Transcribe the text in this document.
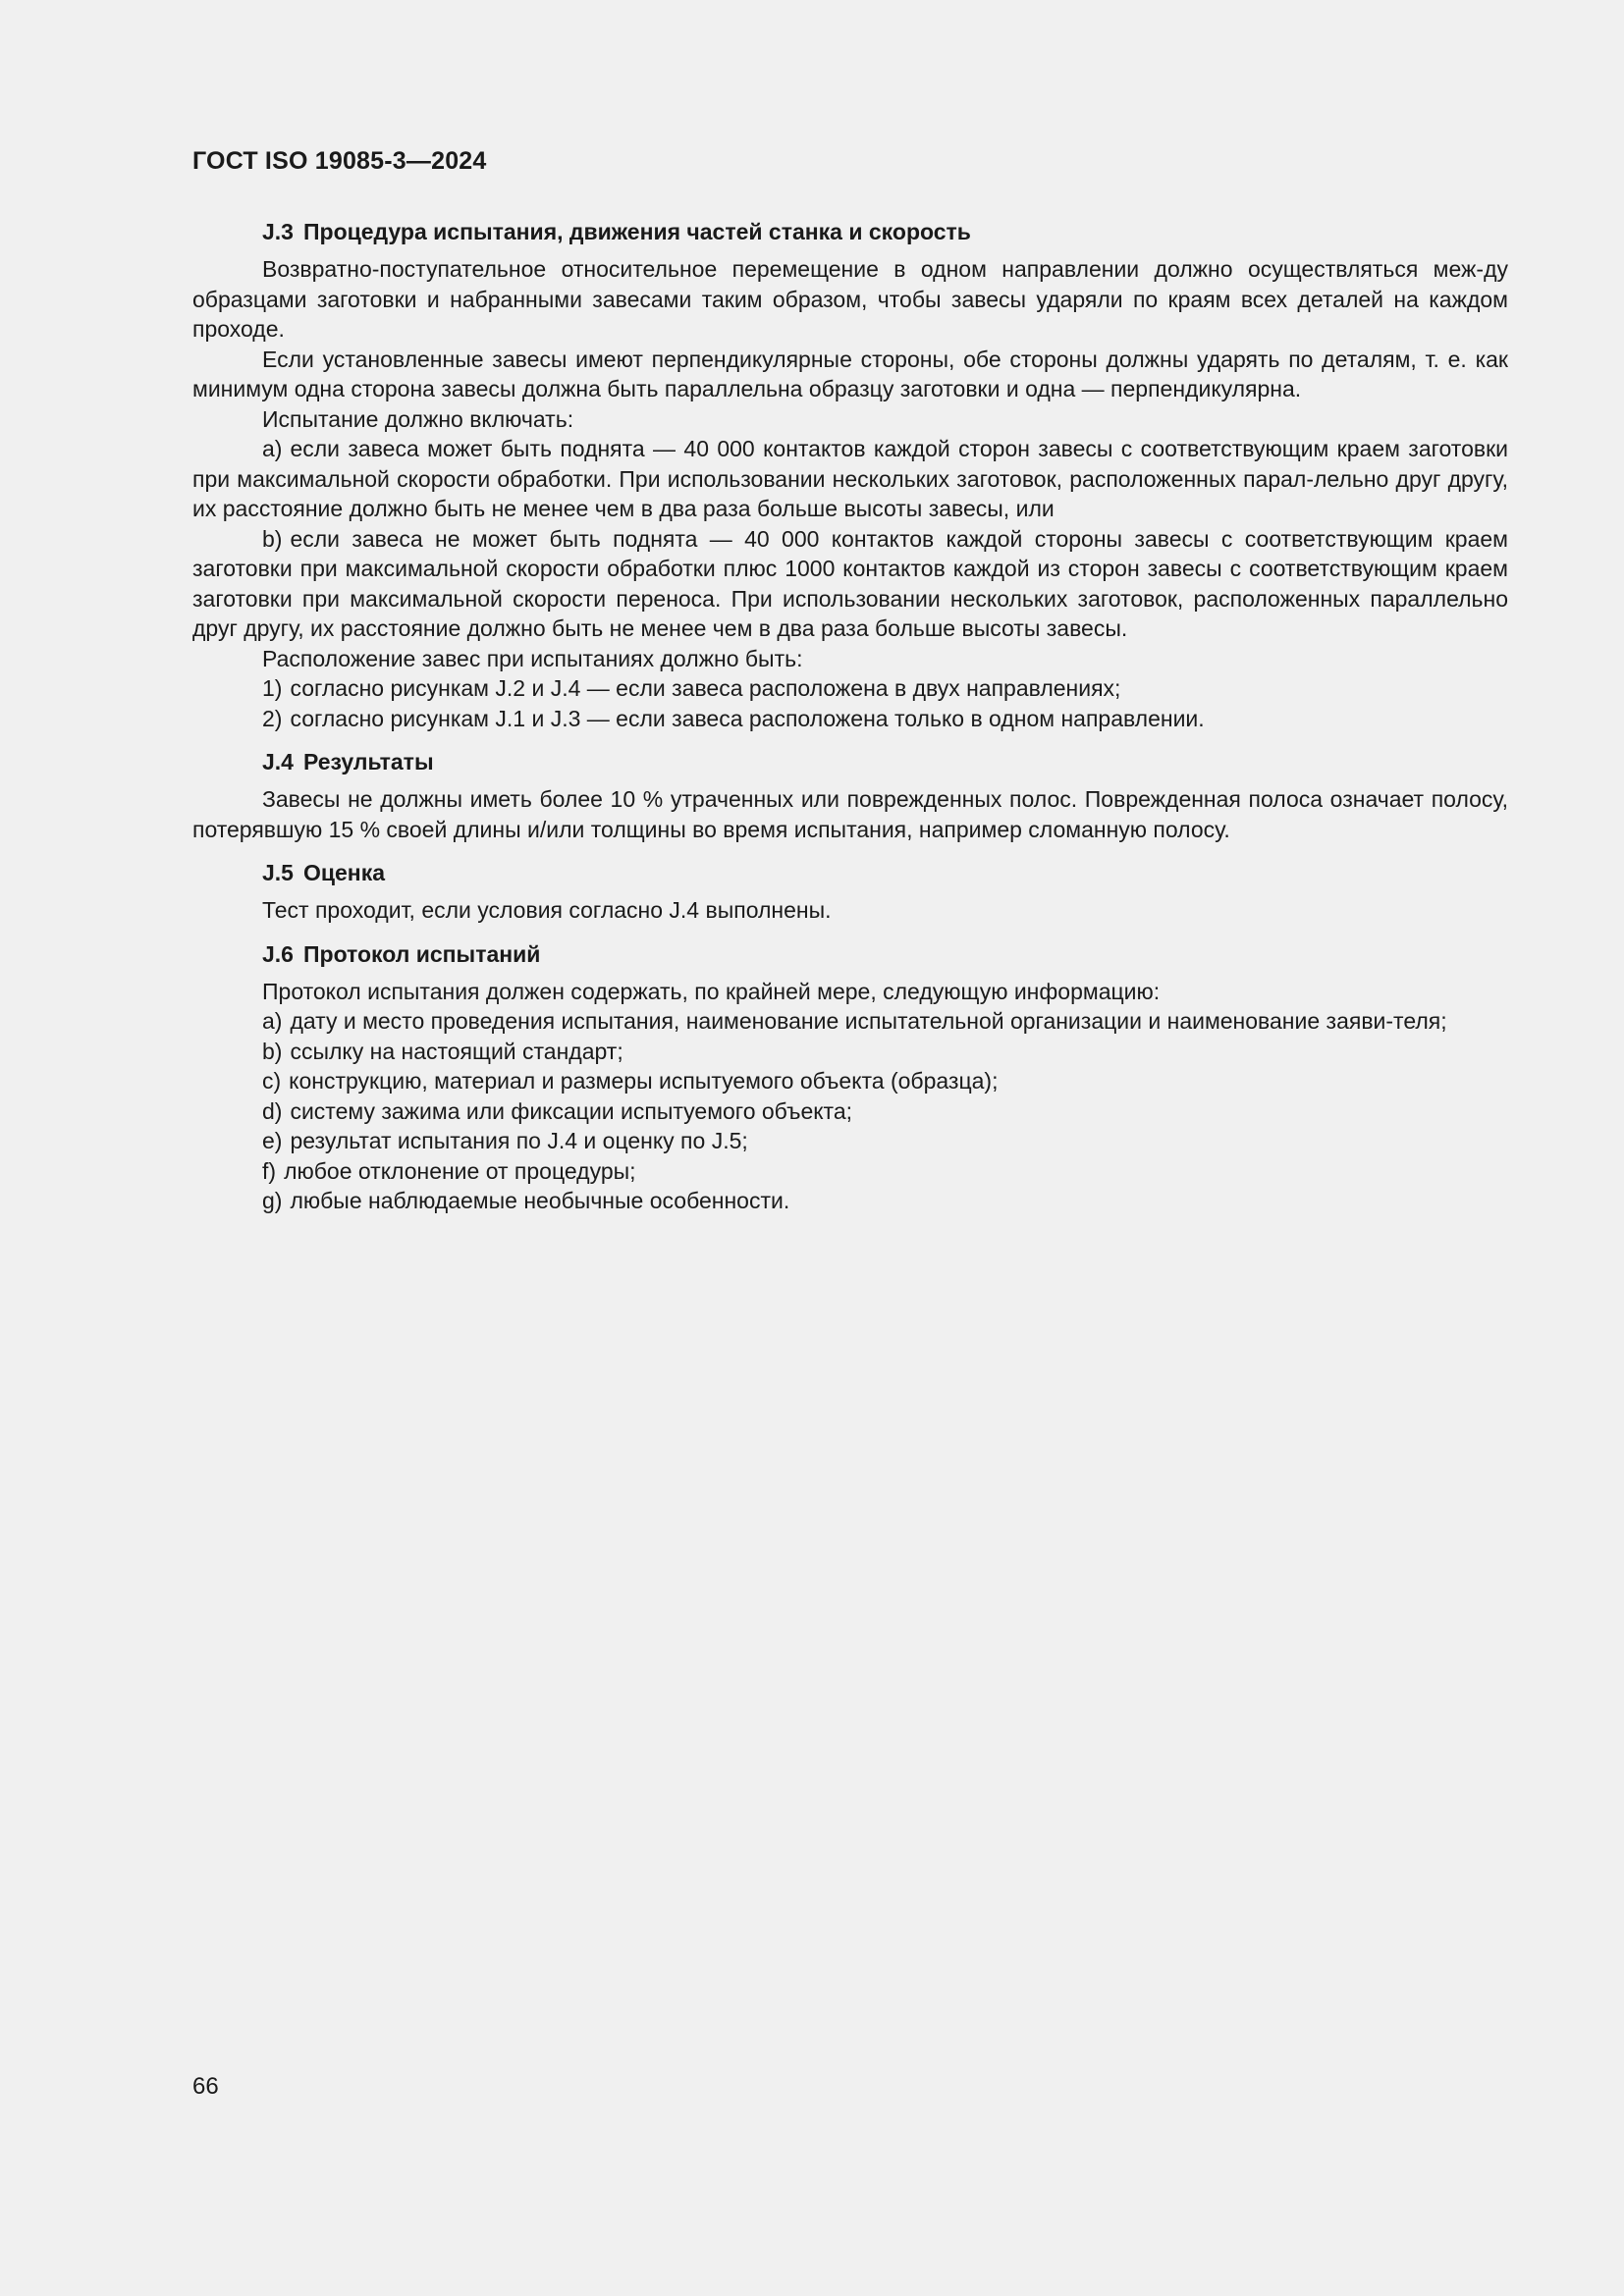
ГОСТ ISO 19085-3—2024
J.3 Процедура испытания, движения частей станка и скорость

Возвратно-поступательное относительное перемещение в одном направлении должно осуществляться меж-ду образцами заготовки и набранными завесами таким образом, чтобы завесы ударяли по краям всех деталей на каждом проходе.

Если установленные завесы имеют перпендикулярные стороны, обе стороны должны ударять по деталям, т. е. как минимум одна сторона завесы должна быть параллельна образцу заготовки и одна — перпендикулярна.

Испытание должно включать:

a) если завеса может быть поднята — 40 000 контактов каждой сторон завесы с соответствующим краем заготовки при максимальной скорости обработки. При использовании нескольких заготовок, расположенных парал-лельно друг другу, их расстояние должно быть не менее чем в два раза больше высоты завесы, или

b) если завеса не может быть поднята — 40 000 контактов каждой стороны завесы с соответствующим краем заготовки при максимальной скорости обработки плюс 1000 контактов каждой из сторон завесы с соответствующим краем заготовки при максимальной скорости переноса. При использовании нескольких заготовок, расположенных параллельно друг другу, их расстояние должно быть не менее чем в два раза больше высоты завесы.

Расположение завес при испытаниях должно быть:

1) согласно рисункам J.2 и J.4 — если завеса расположена в двух направлениях;

2) согласно рисункам J.1 и J.3 — если завеса расположена только в одном направлении.

J.4 Результаты

Завесы не должны иметь более 10 % утраченных или поврежденных полос. Поврежденная полоса означает полосу, потерявшую 15 % своей длины и/или толщины во время испытания, например сломанную полосу.

J.5 Оценка

Тест проходит, если условия согласно J.4 выполнены.

J.6 Протокол испытаний

Протокол испытания должен содержать, по крайней мере, следующую информацию:

a) дату и место проведения испытания, наименование испытательной организации и наименование заяви-теля;

b) ссылку на настоящий стандарт;

c) конструкцию, материал и размеры испытуемого объекта (образца);

d) систему зажима или фиксации испытуемого объекта;

e) результат испытания по J.4 и оценку по J.5;

f) любое отклонение от процедуры;

g) любые наблюдаемые необычные особенности.

66
